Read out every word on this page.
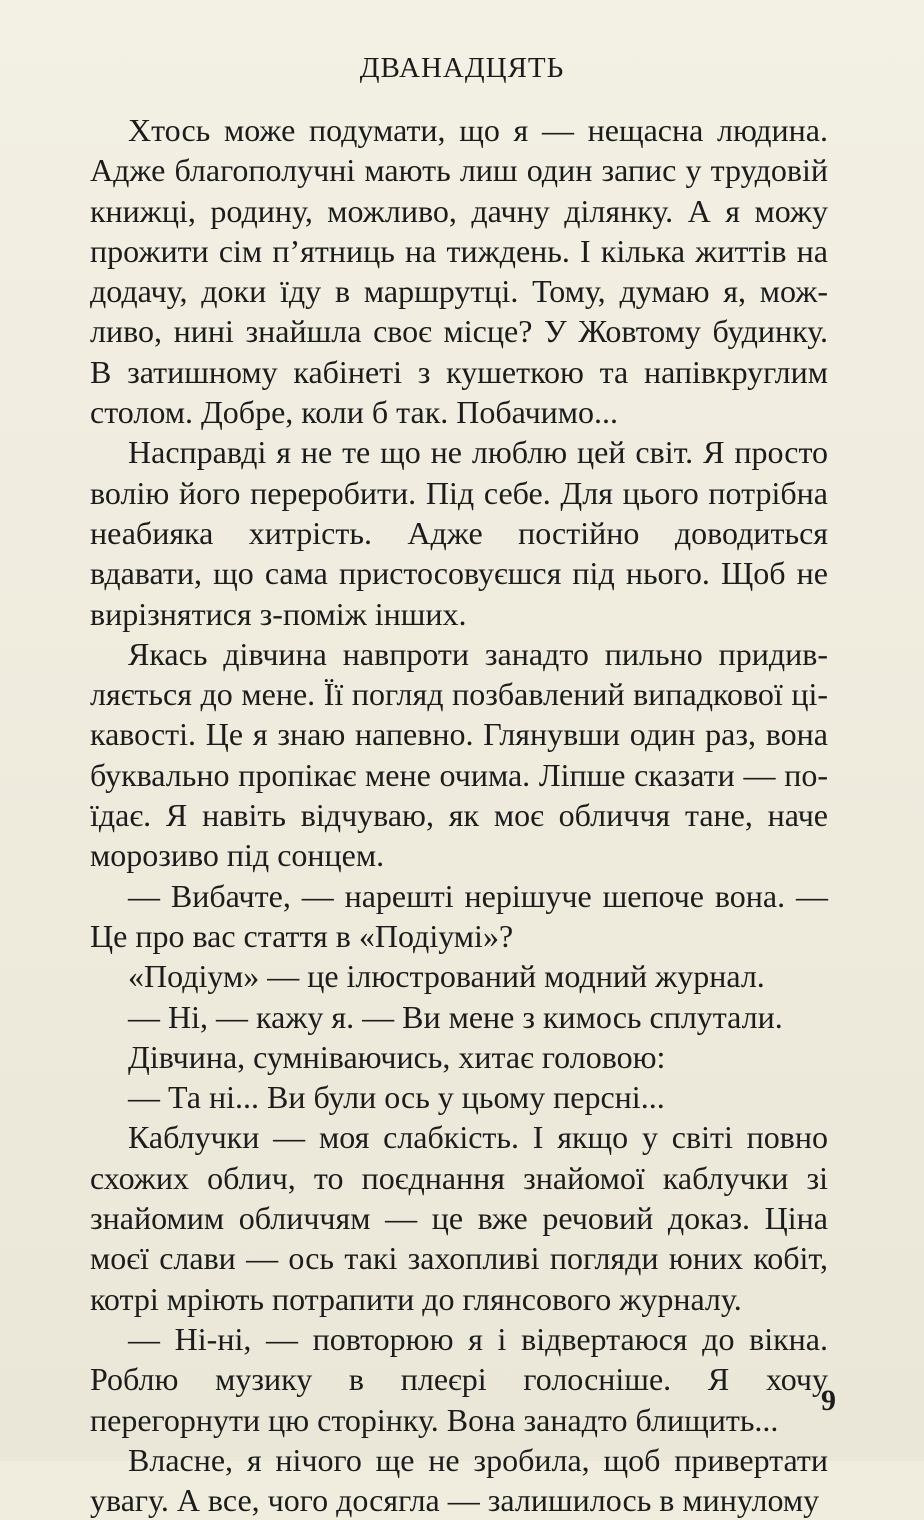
ДВАНАДЦЯТЬ

Хтось може подумати, що я — нещасна людина. Адже благополучні мають лиш один запис у трудовій книжці, родину, можливо, дачну ділянку. А я можу прожити сім п’ятниць на тиждень. І кілька життів на додачу, доки їду в маршрутці. Тому, думаю я, можливо, нині знайшла своє місце? У Жовтому будинку. В затишному кабінеті з кушеткою та напівкруглим столом. Добре, коли б так. Побачимо...

Насправді я не те що не люблю цей світ. Я просто волію його переробити. Під себе. Для цього потрібна неабияка хитрість. Адже постійно доводиться вдавати, що сама пристосовуєшся під нього. Щоб не вирізнятися з-поміж інших.

Якась дівчина навпроти занадто пильно придивляється до мене. Її погляд позбавлений випадкової цікавості. Це я знаю напевно. Глянувши один раз, вона буквально пропікає мене очима. Ліпше сказати — поїдає. Я навіть відчуваю, як моє обличчя тане, наче морозиво під сонцем.

— Вибачте, — нарешті нерішуче шепоче вона. — Це про вас стаття в «Подіумі»?

«Подіум» — це ілюстрований модний журнал.

— Ні, — кажу я. — Ви мене з кимось сплутали.

Дівчина, сумніваючись, хитає головою:

— Та ні... Ви були ось у цьому персні...

Каблучки — моя слабкість. І якщо у світі повно схожих облич, то поєднання знайомої каблучки зі знайомим обличчям — це вже речовий доказ. Ціна моєї слави — ось такі захопливі погляди юних кобіт, котрі мріють потрапити до глянсового журналу.

— Ні-ні, — повторюю я і відвертаюся до вікна. Роблю музику в плеєрі голосніше. Я хочу перегорнути цю сторінку. Вона занадто блищить...

Власне, я нічого ще не зробила, щоб привертати увагу. А все, чого досягла — залишилось в минулому

9
